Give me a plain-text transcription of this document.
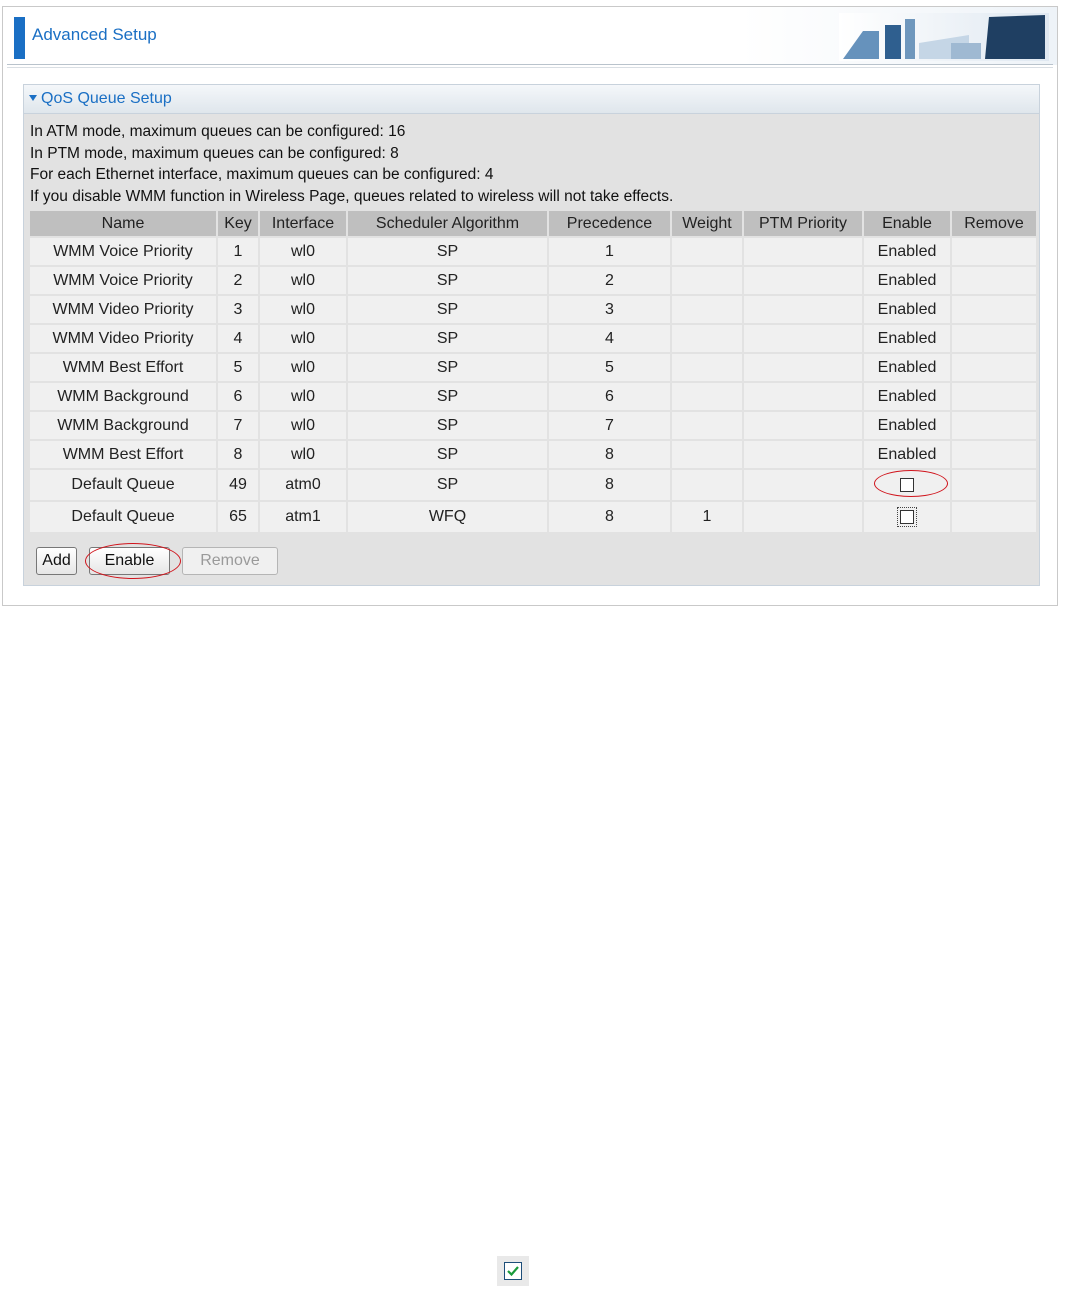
Advanced Setup
QoS Queue Setup
In ATM mode, maximum queues can be configured: 16
In PTM mode, maximum queues can be configured: 8
For each Ethernet interface, maximum queues can be configured: 4
If you disable WMM function in Wireless Page, queues related to wireless will not take effects.
Name	Key	Interface	Scheduler Algorithm	Precedence	Weight	PTM Priority	Enable	Remove
WMM Voice Priority	1	wl0	SP	1			Enabled	
WMM Voice Priority	2	wl0	SP	2			Enabled	
WMM Video Priority	3	wl0	SP	3			Enabled	
WMM Video Priority	4	wl0	SP	4			Enabled	
WMM Best Effort	5	wl0	SP	5			Enabled	
WMM Background	6	wl0	SP	6			Enabled	
WMM Background	7	wl0	SP	7			Enabled	
WMM Best Effort	8	wl0	SP	8			Enabled	
Default Queue	49	atm0	SP	8				
Default Queue	65	atm1	WFQ	8	1			
Add	Enable	Remove
